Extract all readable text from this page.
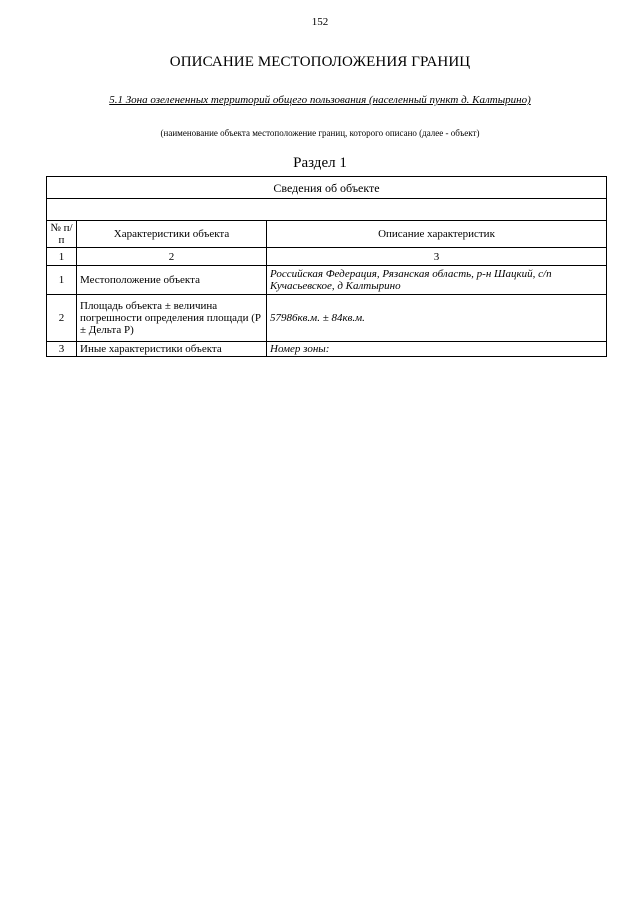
152
ОПИСАНИЕ МЕСТОПОЛОЖЕНИЯ ГРАНИЦ
5.1 Зона озелененных территорий общего пользования (населенный пункт д. Калтырино)
(наименование объекта местоположение границ, которого описано (далее - объект)
Раздел 1
Сведения об объекте		

№ п/п	Характеристики объекта	Описание характеристик
1	2	3
1	Местоположение объекта	Российская Федерация, Рязанская область, р-н Шацкий, с/п Кучасьевское, д Калтырино
2	Площадь объекта ± величина погрешности определения площади (Р ± Дельта Р)	57986кв.м. ± 84кв.м.
3	Иные характеристики объекта	Номер зоны:
